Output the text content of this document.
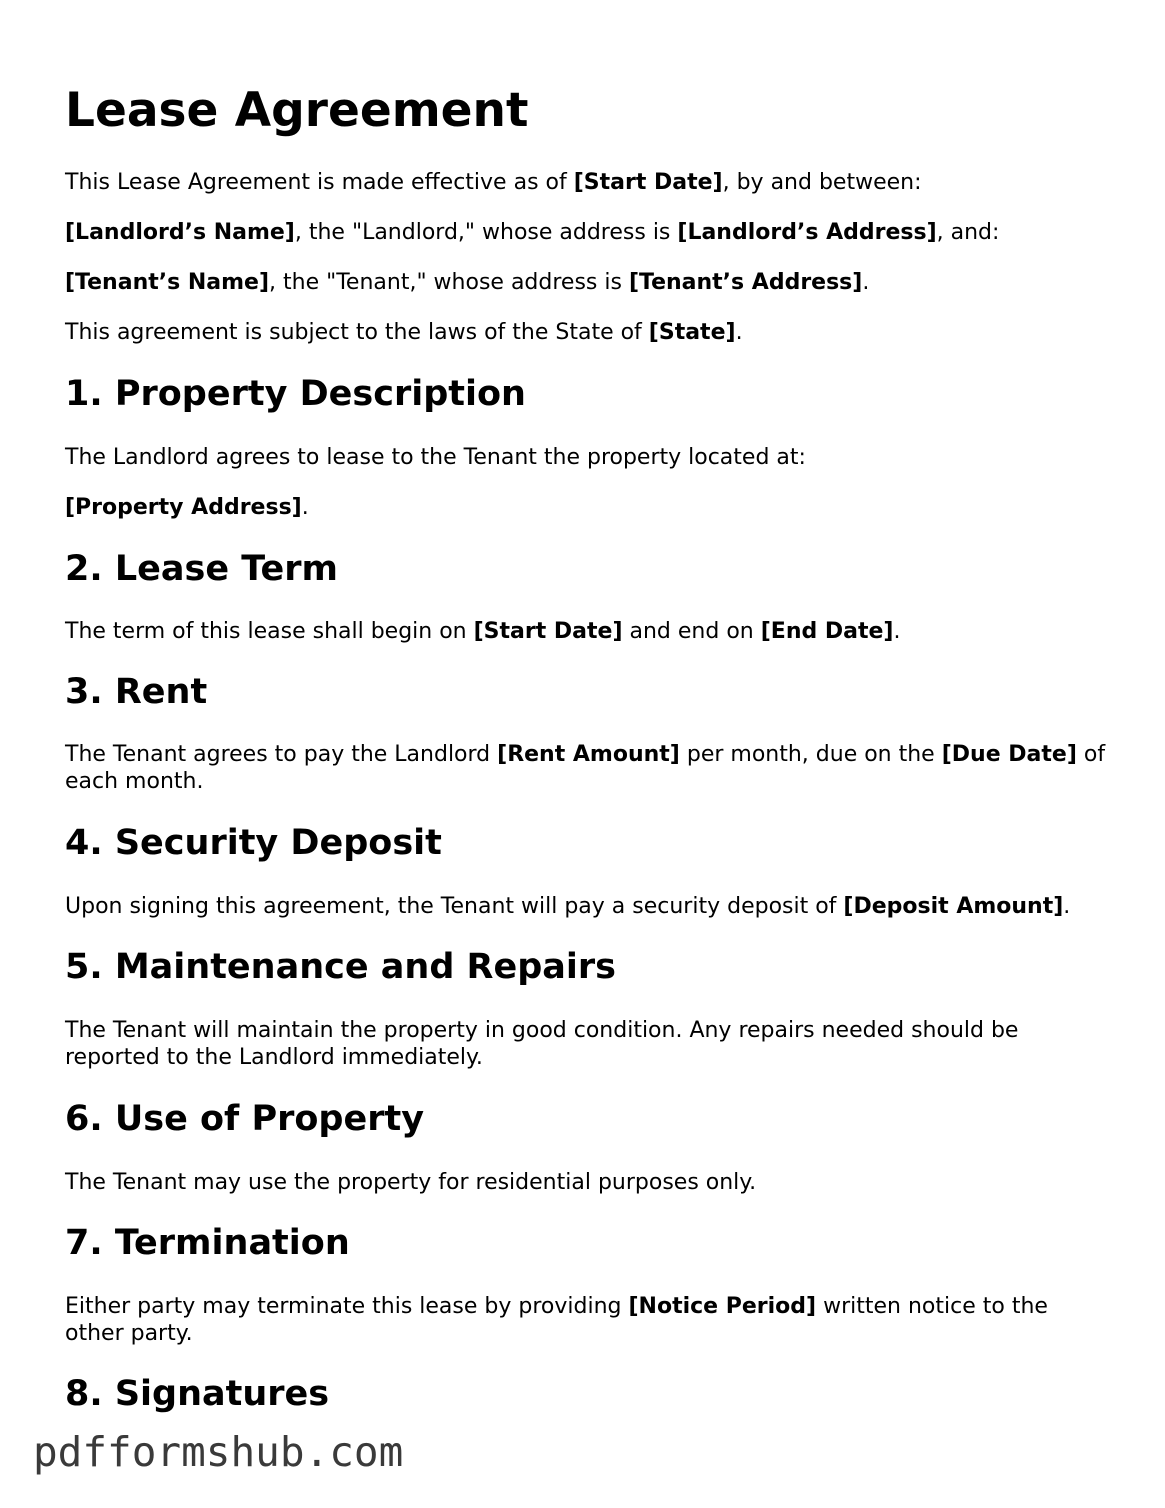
Lease Agreement

This Lease Agreement is made effective as of [Start Date], by and between:

[Landlord’s Name], the "Landlord," whose address is [Landlord’s Address], and:

[Tenant’s Name], the "Tenant," whose address is [Tenant’s Address].

This agreement is subject to the laws of the State of [State].

1. Property Description

The Landlord agrees to lease to the Tenant the property located at:

[Property Address].

2. Lease Term

The term of this lease shall begin on [Start Date] and end on [End Date].

3. Rent

The Tenant agrees to pay the Landlord [Rent Amount] per month, due on the [Due Date] of each month.

4. Security Deposit

Upon signing this agreement, the Tenant will pay a security deposit of [Deposit Amount].

5. Maintenance and Repairs

The Tenant will maintain the property in good condition. Any repairs needed should be reported to the Landlord immediately.

6. Use of Property

The Tenant may use the property for residential purposes only.

7. Termination

Either party may terminate this lease by providing [Notice Period] written notice to the other party.

8. Signatures
pdfformshub.com
